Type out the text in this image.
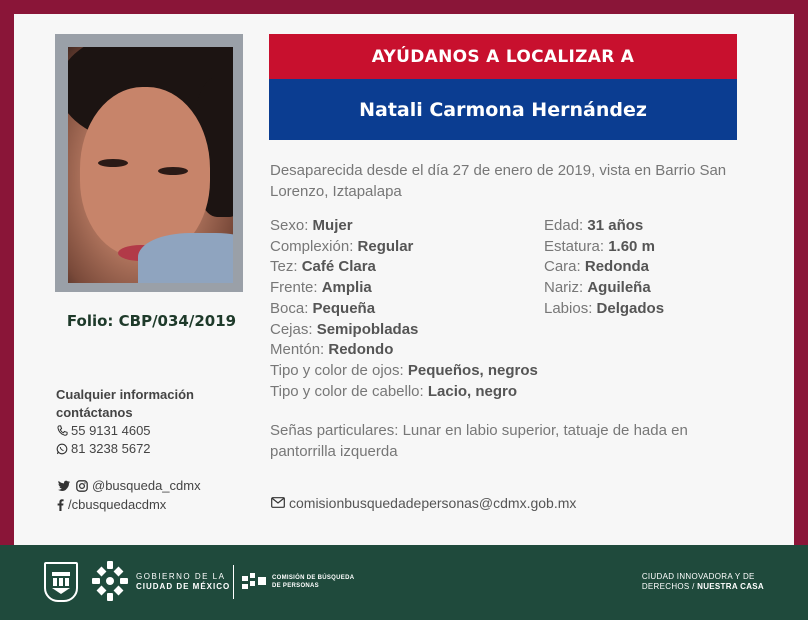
Folio: CBP/034/2019
Cualquier información
contáctanos
55 9131 4605
81 3238 5672
@busqueda_cdmx
/cbusquedacdmx
AYÚDANOS A LOCALIZAR A
Natali Carmona Hernández
Desaparecida desde el día 27 de enero de 2019, vista en Barrio San Lorenzo, Iztapalapa
Sexo: Mujer
Complexión: Regular
Tez: Café Clara
Frente: Amplia
Boca: Pequeña
Cejas: Semipobladas
Mentón: Redondo
Tipo y color de ojos: Pequeños, negros
Tipo y color de cabello: Lacio, negro
Edad: 31 años
Estatura: 1.60 m
Cara: Redonda
Nariz: Aguileña
Labios: Delgados
Señas particulares: Lunar en labio superior, tatuaje de hada en pantorrilla izquerda
comisionbusquedadepersonas@cdmx.gob.mx
GOBIERNO DE LA
CIUDAD DE MÉXICO
COMISIÓN DE BÚSQUEDA
DE PERSONAS
CIUDAD INNOVADORA Y DE
DERECHOS / NUESTRA CASA
